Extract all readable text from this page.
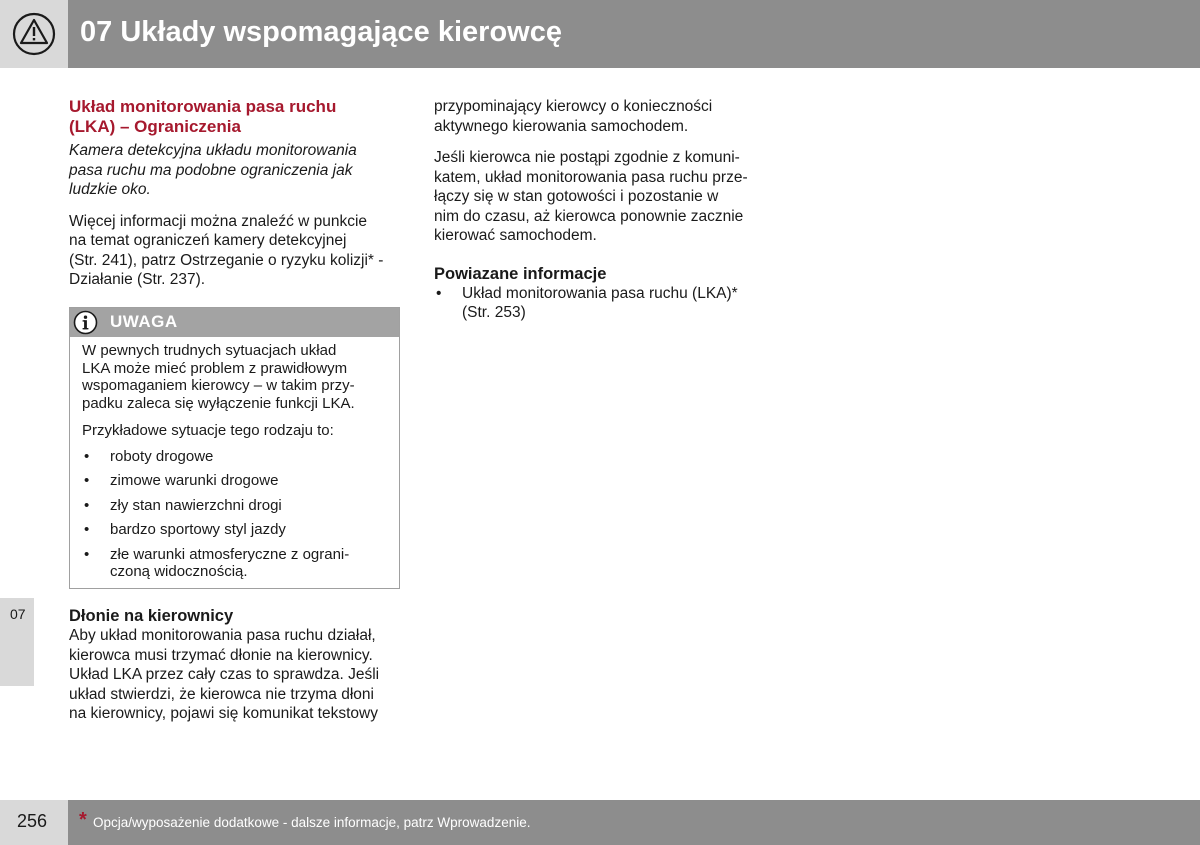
07 Układy wspomagające kierowcę
07
Układ monitorowania pasa ruchu
(LKA) – Ograniczenia
Kamera detekcyjna układu monitorowania
pasa ruchu ma podobne ograniczenia jak
ludzkie oko.
Więcej informacji można znaleźć w punkcie
na temat ograniczeń kamery detekcyjnej
(Str. 241), patrz Ostrzeganie o ryzyku kolizji* -
Działanie (Str. 237).
UWAGA
W pewnych trudnych sytuacjach układ
LKA może mieć problem z prawidłowym
wspomaganiem kierowcy – w takim przy-
padku zaleca się wyłączenie funkcji LKA.
Przykładowe sytuacje tego rodzaju to:
• roboty drogowe
• zimowe warunki drogowe
• zły stan nawierzchni drogi
• bardzo sportowy styl jazdy
• złe warunki atmosferyczne z ograni-
czoną widocznością.
Dłonie na kierownicy
Aby układ monitorowania pasa ruchu działał,
kierowca musi trzymać dłonie na kierownicy.
Układ LKA przez cały czas to sprawdza. Jeśli
układ stwierdzi, że kierowca nie trzyma dłoni
na kierownicy, pojawi się komunikat tekstowy
przypominający kierowcy o konieczności
aktywnego kierowania samochodem.
Jeśli kierowca nie postąpi zgodnie z komuni-
katem, układ monitorowania pasa ruchu prze-
łączy się w stan gotowości i pozostanie w
nim do czasu, aż kierowca ponownie zacznie
kierować samochodem.
Powiazane informacje
• Układ monitorowania pasa ruchu (LKA)*
(Str. 253)
256 * Opcja/wyposażenie dodatkowe - dalsze informacje, patrz Wprowadzenie.
